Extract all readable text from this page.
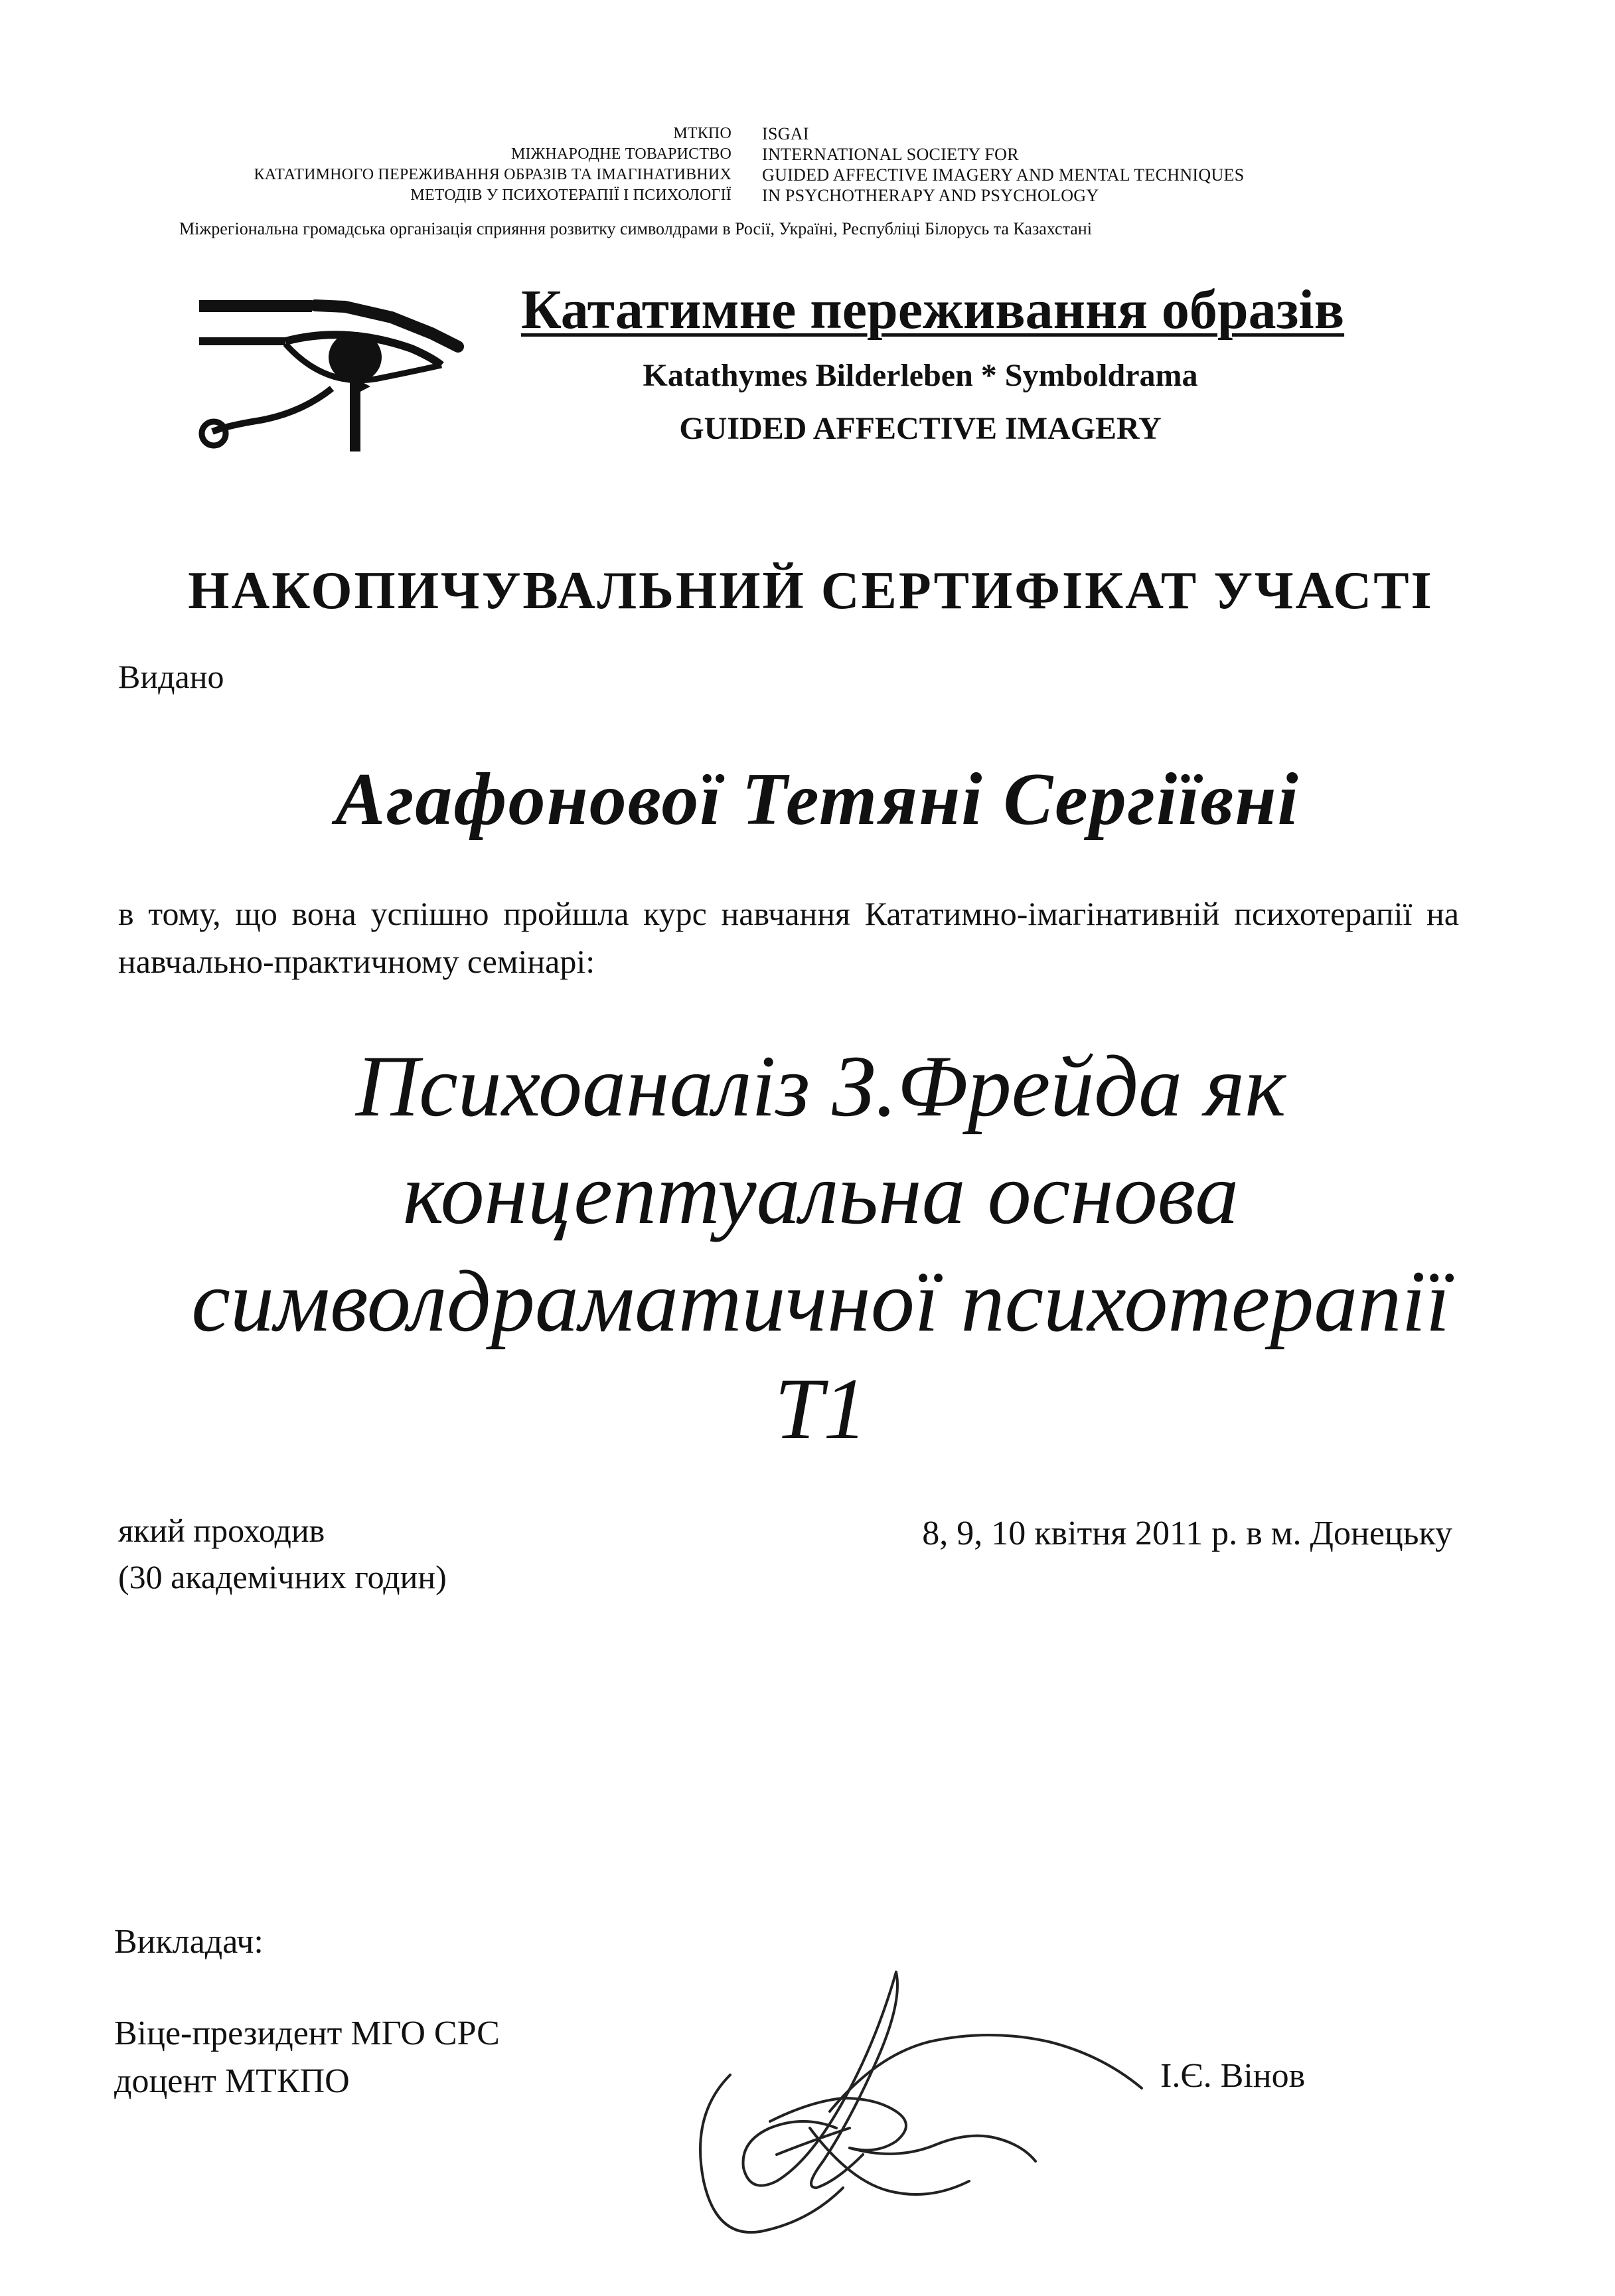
МТКПО
МІЖНАРОДНЕ ТОВАРИСТВО
КАТАТИМНОГО ПЕРЕЖИВАННЯ ОБРАЗІВ ТА ІМАГІНАТИВНИХ
МЕТОДІВ У ПСИХОТЕРАПІЇ І ПСИХОЛОГІЇ
ISGAI
INTERNATIONAL SOCIETY FOR
GUIDED AFFECTIVE IMAGERY AND MENTAL TECHNIQUES
IN PSYCHOTHERAPY AND PSYCHOLOGY
Міжрегіональна громадська організація сприяння розвитку символдрами в Росії, Україні, Республіці Білорусь та Казахстані
Кататимне переживання образів
Katathymes Bilderleben * Symboldrama
GUIDED AFFECTIVE IMAGERY
НАКОПИЧУВАЛЬНИЙ СЕРТИФІКАТ УЧАСТІ
Видано
Агафонової Тетяні Сергіївні
в тому, що вона успішно пройшла курс навчання Кататимно-імагінативній психотерапії на навчально-практичному семінарі:
Психоаналіз З.Фрейда як
концептуальна основа
символдраматичної психотерапії
Т1
який проходив
(30 академічних годин)
8, 9, 10 квітня 2011 р. в м. Донецьку
Викладач:
Віце-президент МГО СРС
доцент МТКПО	І.Є. Вінов
